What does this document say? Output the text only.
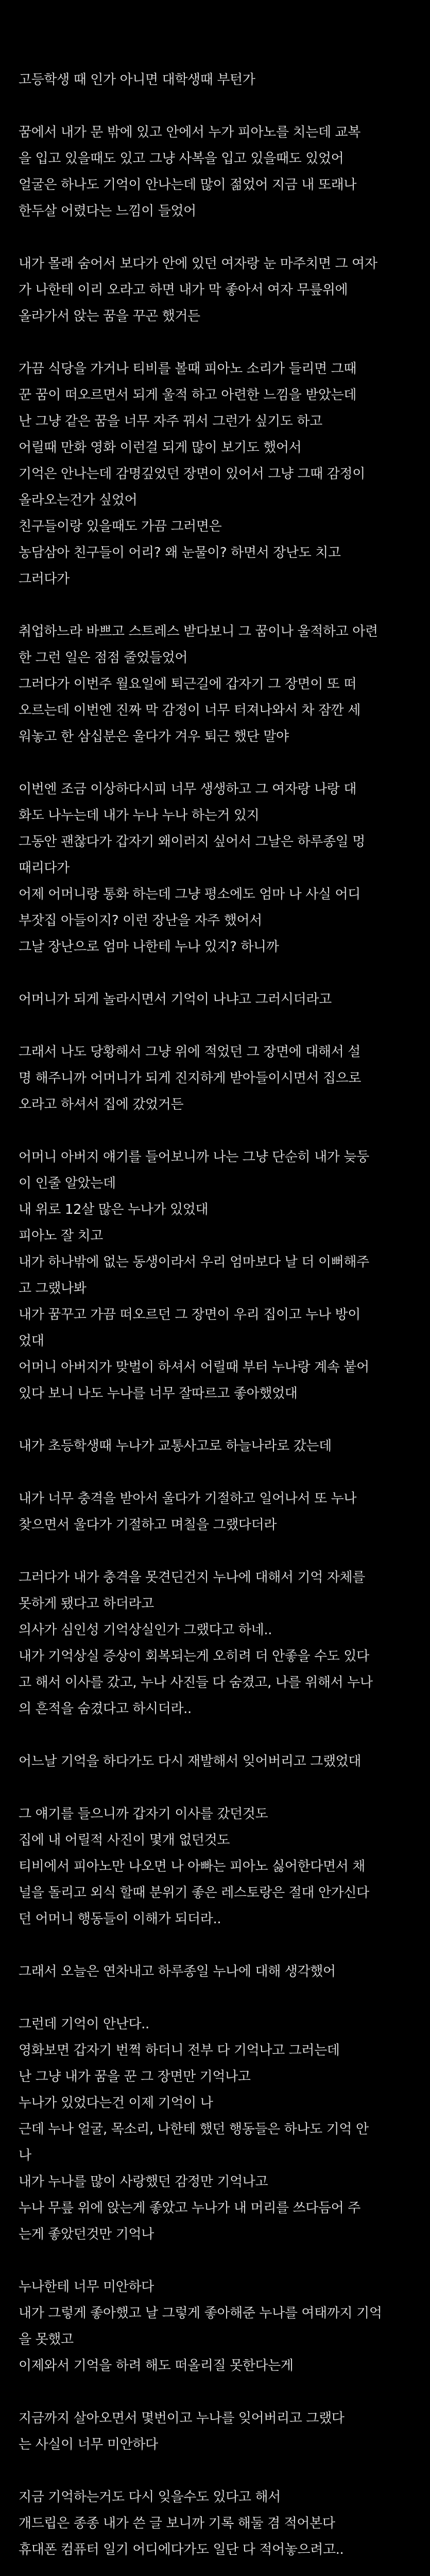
고등학생 때 인가 아니면 대학생때 부턴가
꿈에서 내가 문 밖에 있고 안에서 누가 피아노를 치는데 교복
을 입고 있을때도 있고 그냥 사복을 입고 있을때도 있었어
얼굴은 하나도 기억이 안나는데 많이 젊었어 지금 내 또래나
한두살 어렸다는 느낌이 들었어
내가 몰래 숨어서 보다가 안에 있던 여자랑 눈 마주치면 그 여자
가 나한테 이리 오라고 하면 내가 막 좋아서 여자 무릎위에
올라가서 앉는 꿈을 꾸곤 했거든
가끔 식당을 가거나 티비를 볼때 피아노 소리가 들리면 그때
꾼 꿈이 떠오르면서 되게 울적 하고 아련한 느낌을 받았는데
난 그냥 같은 꿈을 너무 자주 꿔서 그런가 싶기도 하고
어릴때 만화 영화 이런걸 되게 많이 보기도 했어서
기억은 안나는데 감명깊었던 장면이 있어서 그냥 그때 감정이
올라오는건가 싶었어
친구들이랑 있을때도 가끔 그러면은
농담삼아 친구들이 어리? 왜 눈물이? 하면서 장난도 치고
그러다가
취업하느라 바쁘고 스트레스 받다보니 그 꿈이나 울적하고 아련
한 그런 일은 점점 줄었들었어
그러다가 이번주 월요일에 퇴근길에 갑자기 그 장면이 또 떠
오르는데 이번엔 진짜 막 감정이 너무 터져나와서 차 잠깐 세
워놓고 한 삼십분은 울다가 겨우 퇴근 했단 말야
이번엔 조금 이상하다시피 너무 생생하고 그 여자랑 나랑 대
화도 나누는데 내가 누나 누나 하는거 있지
그동안 괜찮다가 갑자기 왜이러지 싶어서 그날은 하루종일 멍
때리다가
어제 어머니랑 통화 하는데 그냥 평소에도 엄마 나 사실 어디
부잣집 아들이지? 이런 장난을 자주 했어서
그날 장난으로 엄마 나한테 누나 있지? 하니까
어머니가 되게 놀라시면서 기억이 나냐고 그러시더라고
그래서 나도 당황해서 그냥 위에 적었던 그 장면에 대해서 설
명 해주니까 어머니가 되게 진지하게 받아들이시면서 집으로
오라고 하셔서 집에 갔었거든
어머니 아버지 얘기를 들어보니까 나는 그냥 단순히 내가 늦둥
이 인줄 알았는데
내 위로 12살 많은 누나가 있었대
피아노 잘 치고
내가 하나밖에 없는 동생이라서 우리 엄마보다 날 더 이뻐해주
고 그랬나봐
내가 꿈꾸고 가끔 떠오르던 그 장면이 우리 집이고 누나 방이
었대
어머니 아버지가 맞벌이 하셔서 어릴때 부터 누나랑 계속 붙어
있다 보니 나도 누나를 너무 잘따르고 좋아했었대
내가 초등학생때 누나가 교통사고로 하늘나라로 갔는데
내가 너무 충격을 받아서 울다가 기절하고 일어나서 또 누나
찾으면서 울다가 기절하고 며칠을 그랬다더라
그러다가 내가 충격을 못견딘건지 누나에 대해서 기억 자체를
못하게 됐다고 하더라고
의사가 심인성 기억상실인가 그랬다고 하네..
내가 기억상실 증상이 회복되는게 오히려 더 안좋을 수도 있다
고 해서 이사를 갔고, 누나 사진들 다 숨겼고, 나를 위해서 누나
의 흔적을 숨겼다고 하시더라..
어느날 기억을 하다가도 다시 재발해서 잊어버리고 그랬었대
그 얘기를 들으니까 갑자기 이사를 갔던것도
집에 내 어릴적 사진이 몇개 없던것도
티비에서 피아노만 나오면 나 아빠는 피아노 싫어한다면서 채
널을 돌리고 외식 할때 분위기 좋은 레스토랑은 절대 안가신다
던 어머니 행동들이 이해가 되더라..
그래서 오늘은 연차내고 하루종일 누나에 대해 생각했어
그런데 기억이 안난다..
영화보면 갑자기 번쩍 하더니 전부 다 기억나고 그러는데
난 그냥 내가 꿈을 꾼 그 장면만 기억나고
누나가 있었다는건 이제 기억이 나
근데 누나 얼굴, 목소리, 나한테 했던 행동들은 하나도 기억 안
나
내가 누나를 많이 사랑했던 감정만 기억나고
누나 무릎 위에 앉는게 좋았고 누나가 내 머리를 쓰다듬어 주
는게 좋았던것만 기억나
누나한테 너무 미안하다
내가 그렇게 좋아했고 날 그렇게 좋아해준 누나를 여태까지 기억
을 못했고
이제와서 기억을 하려 해도 떠올리질 못한다는게
지금까지 살아오면서 몇번이고 누나를 잊어버리고 그랬다
는 사실이 너무 미안하다
지금 기억하는거도 다시 잊을수도 있다고 해서
개드립은 종종 내가 쓴 글 보니까 기록 해둘 겸 적어본다
휴대폰 컴퓨터 일기 어디에다가도 일단 다 적어놓으려고..
